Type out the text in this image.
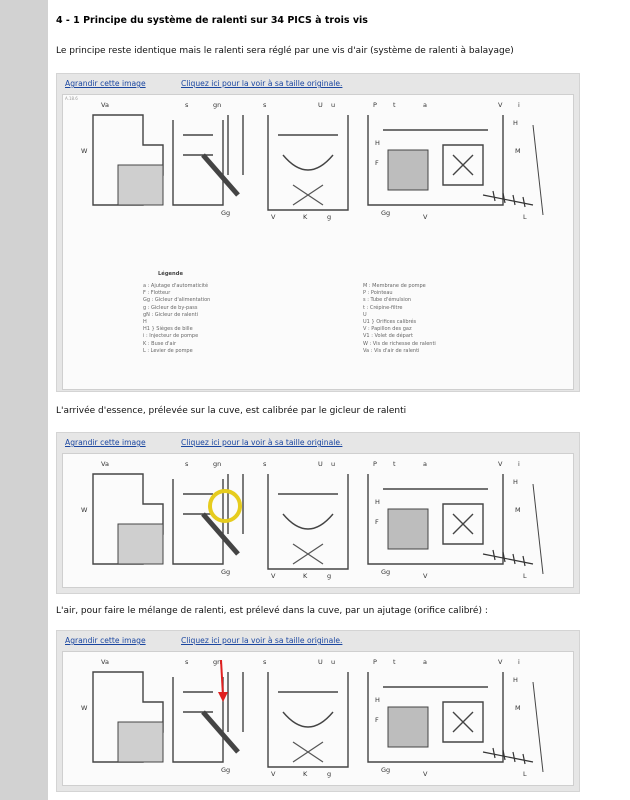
4 - 1 Principe du système de ralenti sur 34 PICS à trois vis
Le principe reste identique mais le ralenti sera réglé par une vis d'air (système de ralenti à balayage)
Agrandir cette image	Cliquez ici pour la voir à sa taille originale.
A.18.6
Va	s	gn	s	U u	P t	a	V i
H
M
W
F
H
Gg	V	K	g	Gg	V	L
Légende
a : Ajutage d'automaticité
F : Flotteur
Gg : Gicleur d'alimentation
g : Gicleur de by-pass
gN : Gicleur de ralenti
H
H1 } Sièges de bille
i : Injecteur de pompe
K : Buse d'air
L : Levier de pompe
M : Membrane de pompe
P : Pointeau
s : Tube d'émulsion
t : Crépine-filtre
U
U1 } Orifices calibrés
V : Papillon des gaz
V1 : Volet de départ
W : Vis de richesse de ralenti
Va : Vis d'air de ralenti
L'arrivée d'essence, prélevée sur la cuve, est calibrée par le gicleur de ralenti
Agrandir cette image	Cliquez ici pour la voir à sa taille originale.
Va	s	gn	s	U u	P t	a	V i
H
M
W
F
H
Gg	V	K	g	Gg	V	L
L'air, pour faire le mélange de ralenti, est prélevé dans la cuve, par un ajutage (orifice calibré) :
Agrandir cette image	Cliquez ici pour la voir à sa taille originale.
Va	s	gn	s	U u	P t	a	V i
H
M
W
F
H
Gg	V	K	g	Gg	V	L
